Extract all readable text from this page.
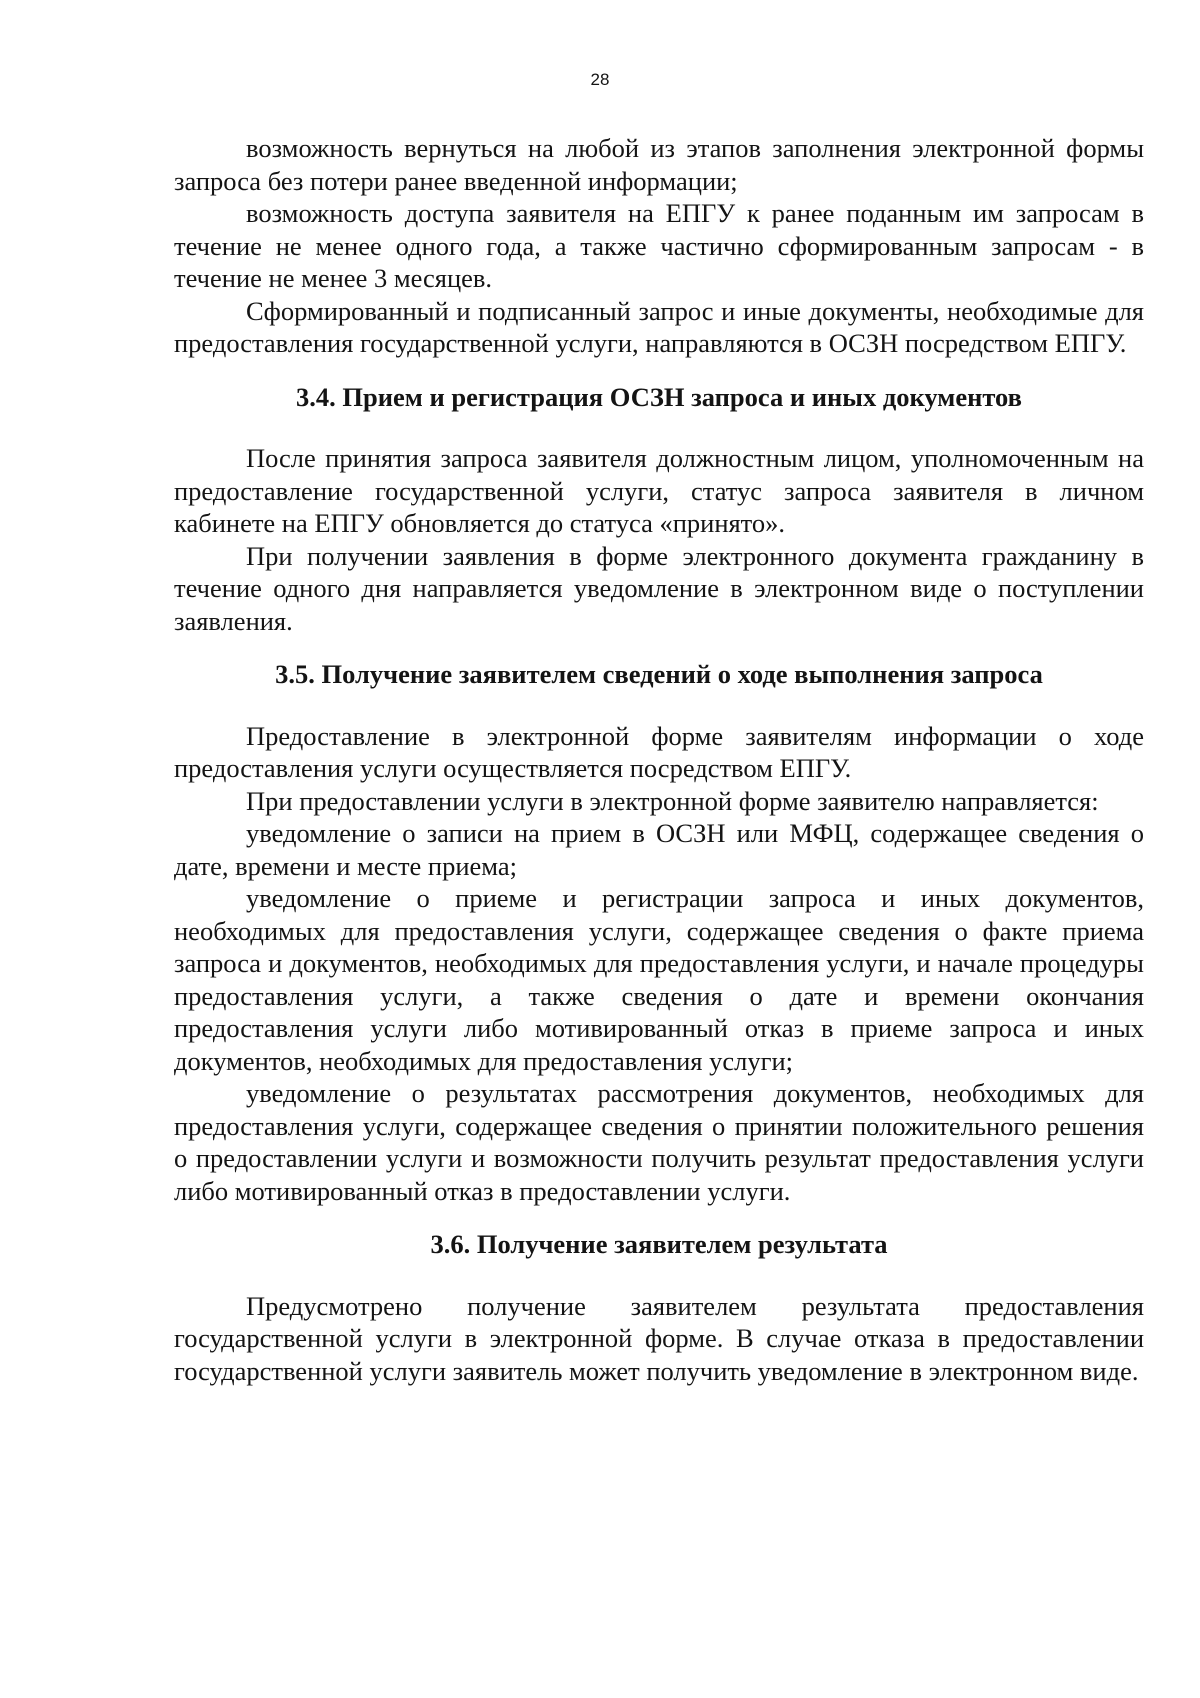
28

возможность вернуться на любой из этапов заполнения электронной формы запроса без потери ранее введенной информации;

возможность доступа заявителя на ЕПГУ к ранее поданным им запросам в течение не менее одного года, а также частично сформированным запросам - в течение не менее 3 месяцев.

Сформированный и подписанный запрос и иные документы, необходимые для предоставления государственной услуги, направляются в ОСЗН посредством ЕПГУ.

3.4. Прием и регистрация ОСЗН запроса и иных документов

После принятия запроса заявителя должностным лицом, уполномоченным на предоставление государственной услуги, статус запроса заявителя в личном кабинете на ЕПГУ обновляется до статуса «принято».

При получении заявления в форме электронного документа гражданину в течение одного дня направляется уведомление в электронном виде о поступлении заявления.

3.5. Получение заявителем сведений о ходе выполнения запроса

Предоставление в электронной форме заявителям информации о ходе предоставления услуги осуществляется посредством ЕПГУ.

При предоставлении услуги в электронной форме заявителю направляется:

уведомление о записи на прием в ОСЗН или МФЦ, содержащее сведения о дате, времени и месте приема;

уведомление о приеме и регистрации запроса и иных документов, необходимых для предоставления услуги, содержащее сведения о факте приема запроса и документов, необходимых для предоставления услуги, и начале процедуры предоставления услуги, а также сведения о дате и времени окончания предоставления услуги либо мотивированный отказ в приеме запроса и иных документов, необходимых для предоставления услуги;

уведомление о результатах рассмотрения документов, необходимых для предоставления услуги, содержащее сведения о принятии положительного решения о предоставлении услуги и возможности получить результат предоставления услуги либо мотивированный отказ в предоставлении услуги.

3.6. Получение заявителем результата

Предусмотрено получение заявителем результата предоставления государственной услуги в электронной форме. В случае отказа в предоставлении государственной услуги заявитель может получить уведомление в электронном виде.
